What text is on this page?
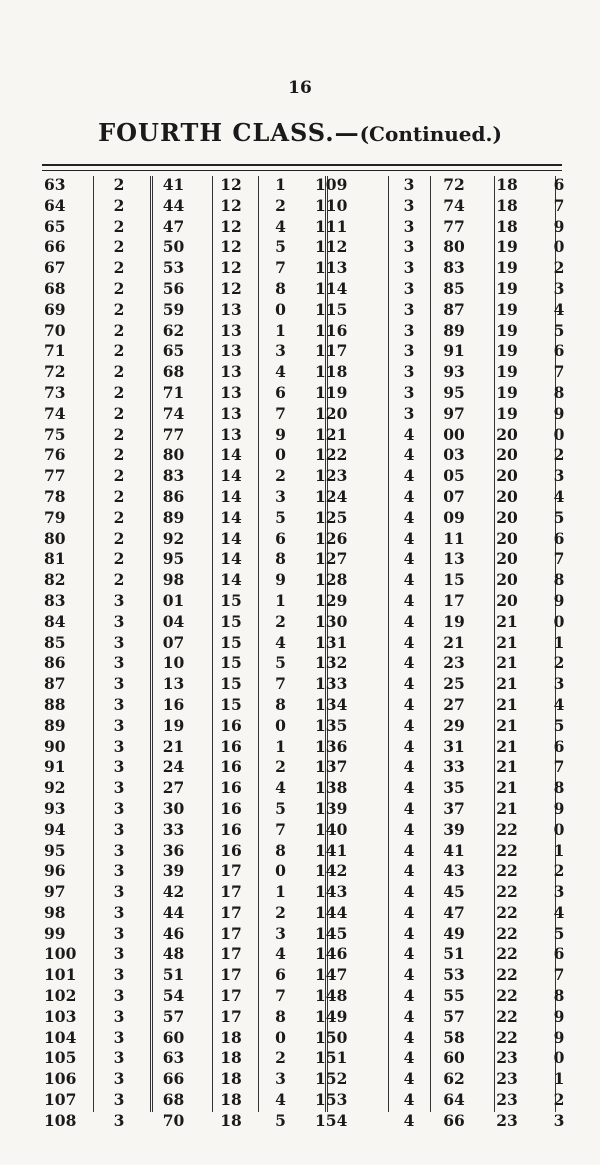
16
FOURTH CLASS.—(Continued.)
63	2	41	12	1	109	3	72	18	6
64	2	44	12	2	110	3	74	18	7
65	2	47	12	4	111	3	77	18	9
66	2	50	12	5	112	3	80	19	0
67	2	53	12	7	113	3	83	19	2
68	2	56	12	8	114	3	85	19	3
69	2	59	13	0	115	3	87	19	4
70	2	62	13	1	116	3	89	19	5
71	2	65	13	3	117	3	91	19	6
72	2	68	13	4	118	3	93	19	7
73	2	71	13	6	119	3	95	19	8
74	2	74	13	7	120	3	97	19	9
75	2	77	13	9	121	4	00	20	0
76	2	80	14	0	122	4	03	20	2
77	2	83	14	2	123	4	05	20	3
78	2	86	14	3	124	4	07	20	4
79	2	89	14	5	125	4	09	20	5
80	2	92	14	6	126	4	11	20	6
81	2	95	14	8	127	4	13	20	7
82	2	98	14	9	128	4	15	20	8
83	3	01	15	1	129	4	17	20	9
84	3	04	15	2	130	4	19	21	0
85	3	07	15	4	131	4	21	21	1
86	3	10	15	5	132	4	23	21	2
87	3	13	15	7	133	4	25	21	3
88	3	16	15	8	134	4	27	21	4
89	3	19	16	0	135	4	29	21	5
90	3	21	16	1	136	4	31	21	6
91	3	24	16	2	137	4	33	21	7
92	3	27	16	4	138	4	35	21	8
93	3	30	16	5	139	4	37	21	9
94	3	33	16	7	140	4	39	22	0
95	3	36	16	8	141	4	41	22	1
96	3	39	17	0	142	4	43	22	2
97	3	42	17	1	143	4	45	22	3
98	3	44	17	2	144	4	47	22	4
99	3	46	17	3	145	4	49	22	5
100	3	48	17	4	146	4	51	22	6
101	3	51	17	6	147	4	53	22	7
102	3	54	17	7	148	4	55	22	8
103	3	57	17	8	149	4	57	22	9
104	3	60	18	0	150	4	58	22	9
105	3	63	18	2	151	4	60	23	0
106	3	66	18	3	152	4	62	23	1
107	3	68	18	4	153	4	64	23	2
108	3	70	18	5	154	4	66	23	3
